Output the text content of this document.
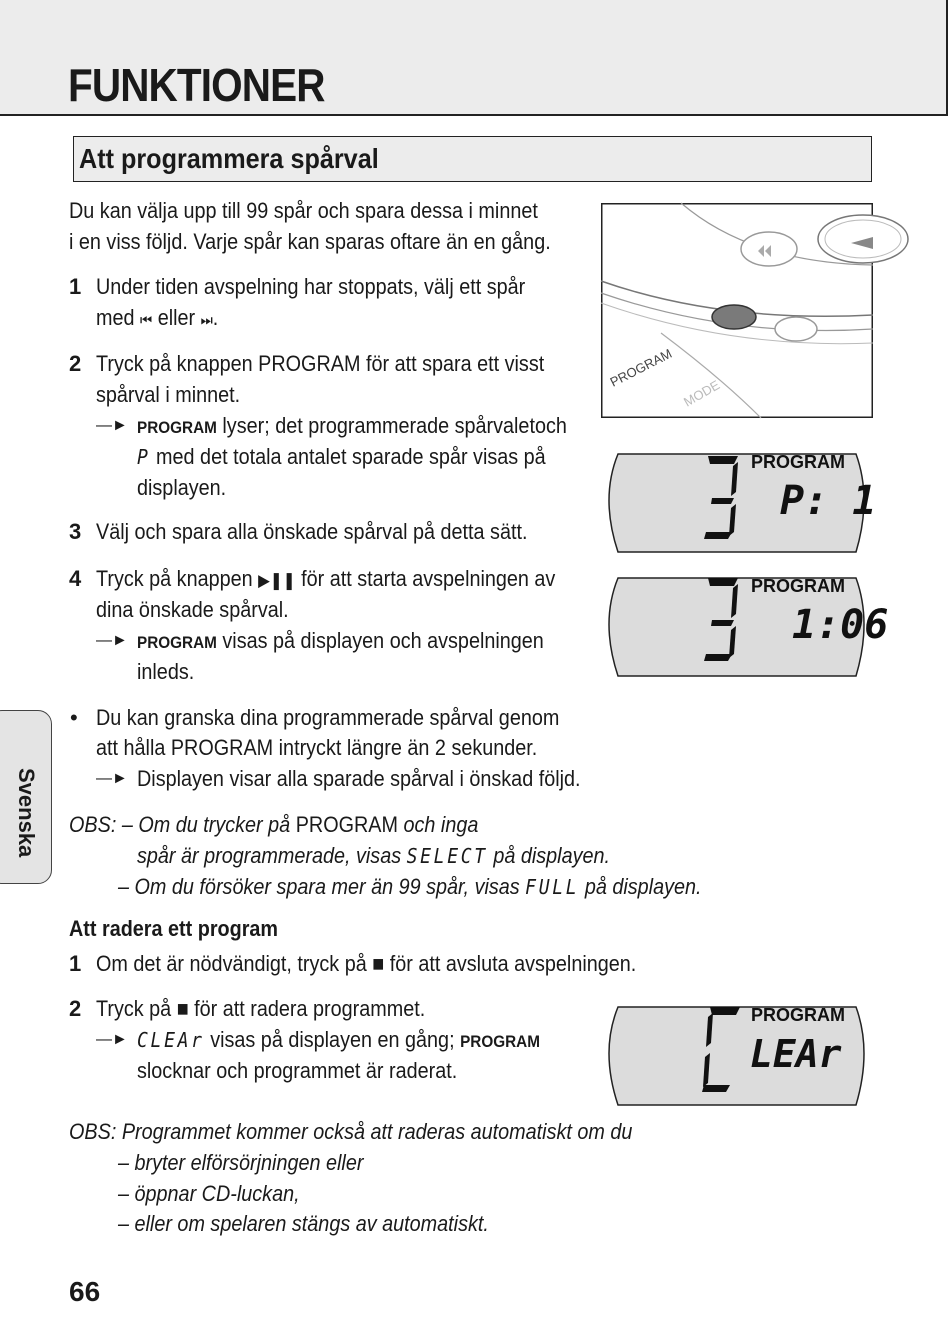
FUNKTIONER
Att programmera spårval
Du kan välja upp till 99 spår och spara dessa i minnet
i en viss följd. Varje spår kan sparas oftare än en gång.
1 Under tiden avspelning har stoppats, välj ett spår
med ⏮ eller ⏭.
2 Tryck på knappen PROGRAM för att spara ett visst
spårval i minnet.
—► PROGRAM lyser; det programmerade spårvaletoch
P med det totala antalet sparade spår visas på
displayen.
3 Välj och spara alla önskade spårval på detta sätt.
4 Tryck på knappen ▶❚❚ för att starta avspelningen av
dina önskade spårval.
—► PROGRAM visas på displayen och avspelningen
inleds.
• Du kan granska dina programmerade spårval genom
att hålla PROGRAM intryckt längre än 2 sekunder.
—► Displayen visar alla sparade spårval i önskad följd.
OBS: – Om du trycker på PROGRAM och inga
spår är programmerade, visas SELECT på displayen.
– Om du försöker spara mer än 99 spår, visas FULL på displayen.
Att radera ett program
1 Om det är nödvändigt, tryck på ■ för att avsluta avspelningen.
2 Tryck på ■ för att radera programmet.
—► CLEAr visas på displayen en gång; PROGRAM
slocknar och programmet är raderat.
OBS: Programmet kommer också att raderas automatiskt om du
– bryter elförsörjningen eller
– öppnar CD-luckan,
– eller om spelaren stängs av automatiskt.
Svenska
66
PROGRAM
MODE
PROGRAM
P: 1
PROGRAM
1:06
PROGRAM
LEAr
